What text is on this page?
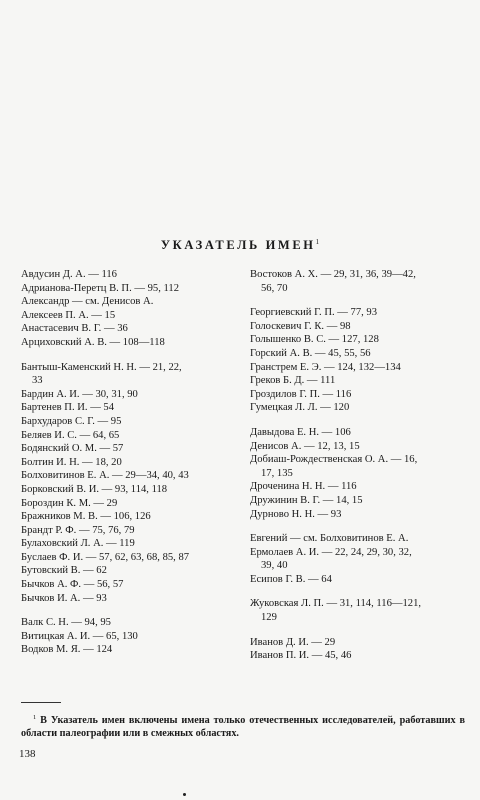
УКАЗАТЕЛЬ ИМЕН$^1$
Авдусин Д. А. — 116
Адрианова-Перетц В. П. — 95, 112
Александр — см. Денисов А.
Алексеев П. А. — 15
Анастасевич В. Г. — 36
Арциховский А. В. — 108—118
Бантыш-Каменский Н. Н. — 21, 22,
33
Бардин А. И. — 30, 31, 90
Бартенев П. И. — 54
Бархударов С. Г. — 95
Беляев И. С. — 64, 65
Бодянский О. М. — 57
Болтин И. Н. — 18, 20
Болховитинов Е. А. — 29—34, 40, 43
Борковский В. И. — 93, 114, 118
Бороздин К. М. — 29
Бражников М. В. — 106, 126
Брандт Р. Ф. — 75, 76, 79
Булаховский Л. А. — 119
Буслаев Ф. И. — 57, 62, 63, 68, 85, 87
Бутовский В. — 62
Бычков А. Ф. — 56, 57
Бычков И. А. — 93
Валк С. Н. — 94, 95
Витицкая А. И. — 65, 130
Водков М. Я. — 124
Востоков А. Х. — 29, 31, 36, 39—42,
56, 70
Георгиевский Г. П. — 77, 93
Голоскевич Г. К. — 98
Голышенко В. С. — 127, 128
Горский А. В. — 45, 55, 56
Гранстрем Е. Э. — 124, 132—134
Греков Б. Д. — 111
Гроздилов Г. П. — 116
Гумецкая Л. Л. — 120
Давыдова Е. Н. — 106
Денисов А. — 12, 13, 15
Добиаш-Рождественская О. А. — 16,
17, 135
Дроченина Н. Н. — 116
Дружинин В. Г. — 14, 15
Дурново Н. Н. — 93
Евгений — см. Болховитинов Е. А.
Ермолаев А. И. — 22, 24, 29, 30, 32,
39, 40
Есипов Г. В. — 64
Жуковская Л. П. — 31, 114, 116—121,
129
Иванов Д. И. — 29
Иванов П. И. — 45, 46
$^1$ В Указатель имен включены имена только отечественных исследователей, работавших в области палеографии или в смежных областях.
138
